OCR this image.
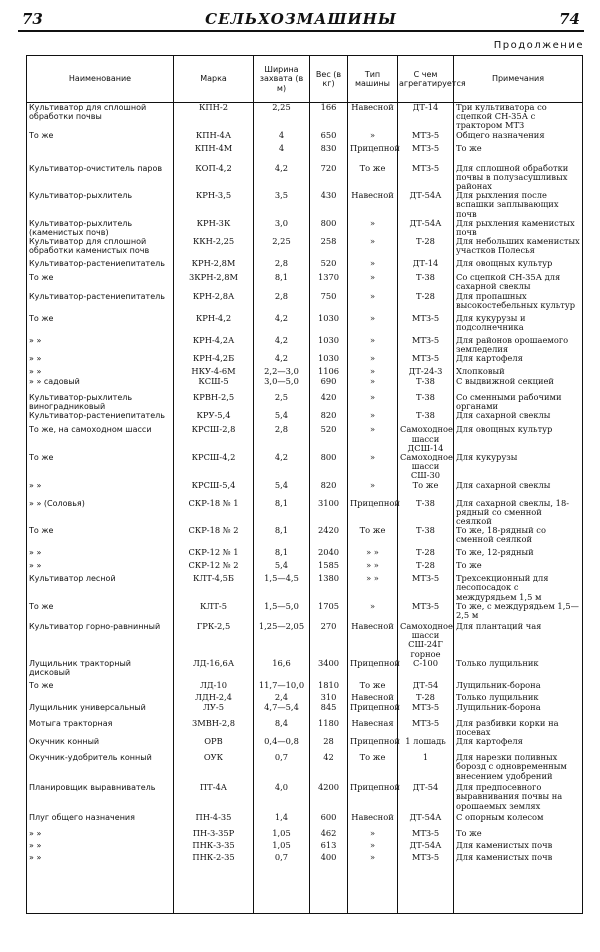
73	СЕЛЬХОЗМАШИНЫ	74
Продолжение
Наименование	Марка	Ширина захвата (в м)	Вес (в кг)	Тип машины	С чем агрегатируется	Примечания
Культиватор для сплошной обработки почвы	КПН-2	2,25	166	Навесной	ДТ-14	Три культиватора со сцепкой СН-35А с трактором МТЗ
То же	КПН-4А	4	650	»	МТЗ-5	Общего назначения
	КПН-4М	4	830	Прицепной	МТЗ-5	То же
Культиватор-очиститель паров	КОП-4,2	4,2	720	То же	МТЗ-5	Для сплошной обработки почвы в полузасушливых районах
Культиватор-рыхлитель	КРН-3,5	3,5	430	Навесной	ДТ-54А	Для рыхления после вспашки заплывающих почв
Культиватор-рыхлитель (каменистых почв)	КРН-3К	3,0	800	»	ДТ-54А	Для рыхления каменистых почв
Культиватор для сплошной обработки каменистых почв	ККН-2,25	2,25	258	»	Т-28	Для небольших каменистых участков Полесья
Культиватор-растениепитатель	КРН-2,8М	2,8	520	»	ДТ-14	Для овощных культур
То же	3КРН-2,8М	8,1	1370	»	Т-38	Со сцепкой СН-35А для сахарной свеклы
Культиватор-растениепитатель	КРН-2,8А	2,8	750	»	Т-28	Для пропашных высокостебельных культур
То же	КРН-4,2	4,2	1030	»	МТЗ-5	Для кукурузы и подсолнечника
» »	КРН-4,2А	4,2	1030	»	МТЗ-5	Для районов орошаемого земледелия
» »	КРН-4,2Б	4,2	1030	»	МТЗ-5	Для картофеля
» »	НКУ-4-6М	2,2—3,0	1106	»	ДТ-24-3	Хлопковый
» » садовый	КСШ-5	3,0—5,0	690	»	Т-38	С выдвижной секцией
Культиватор-рыхлитель виноградниковый	КРВН-2,5	2,5	420	»	Т-38	Со сменными рабочими органами
Культиватор-растениепитатель	КРУ-5,4	5,4	820	»	Т-38	Для сахарной свеклы
То же, на самоходном шасси	КРСШ-2,8	2,8	520	»	Самоходное шасси ДСШ-14	Для овощных культур
То же	КРСШ-4,2	4,2	800	»	Самоходное шасси СШ-30	Для кукурузы
» »	КРСШ-5,4	5,4	820	»	То же	Для сахарной свеклы
» » (Соловья)	СКР-18 № 1	8,1	3100	Прицепной	Т-38	Для сахарной свеклы, 18-рядный со сменной сеялкой
То же	СКР-18 № 2	8,1	2420	То же	Т-38	То же, 18-рядный со сменной сеялкой
» »	СКР-12 № 1	8,1	2040	» »	Т-28	То же, 12-рядный
» »	СКР-12 № 2	5,4	1585	» »	Т-28	То же
Культиватор лесной	КЛТ-4,5Б	1,5—4,5	1380	» »	МТЗ-5	Трехсекционный для лесопосадок с междурядьем 1,5 м
То же	КЛТ-5	1,5—5,0	1705	»	МТЗ-5	То же, с междурядьем 1,5—2,5 м
Культиватор горно-равнинный	ГРК-2,5	1,25—2,05	270	Навесной	Самоходное шасси СШ-24Г горное	Для плантаций чая
Лущильник тракторный дисковый	ЛД-16,6А	16,6	3400	Прицепной	С-100	Только лущильник
То же	ЛД-10	11,7—10,0	1810	То же	ДТ-54	Лущильник-борона
	ЛДН-2,4	2,4	310	Навесной	Т-28	Только лущильник
Лущильник универсальный	ЛУ-5	4,7—5,4	845	Прицепной	МТЗ-5	Лущильник-борона
Мотыга тракторная	3МВН-2,8	8,4	1180	Навесная	МТЗ-5	Для разбивки корки на посевах
Окучник конный	ОРВ	0,4—0,8	28	Прицепной	1 лошадь	Для картофеля
Окучник-удобритель конный	ОУК	0,7	42	То же	1	Для нарезки поливных борозд с одновременным внесением удобрений
Планировщик выравниватель	ПТ-4А	4,0	4200	Прицепной	ДТ-54	Для предпосевного выравнивания почвы на орошаемых землях
Плуг общего назначения	ПН-4-35	1,4	600	Навесной	ДТ-54А	С опорным колесом
» »	ПН-3-35Р	1,05	462	»	МТЗ-5	То же
» »	ПНК-3-35	1,05	613	»	ДТ-54А	Для каменистых почв
» »	ПНК-2-35	0,7	400	»	МТЗ-5	Для каменистых почв
